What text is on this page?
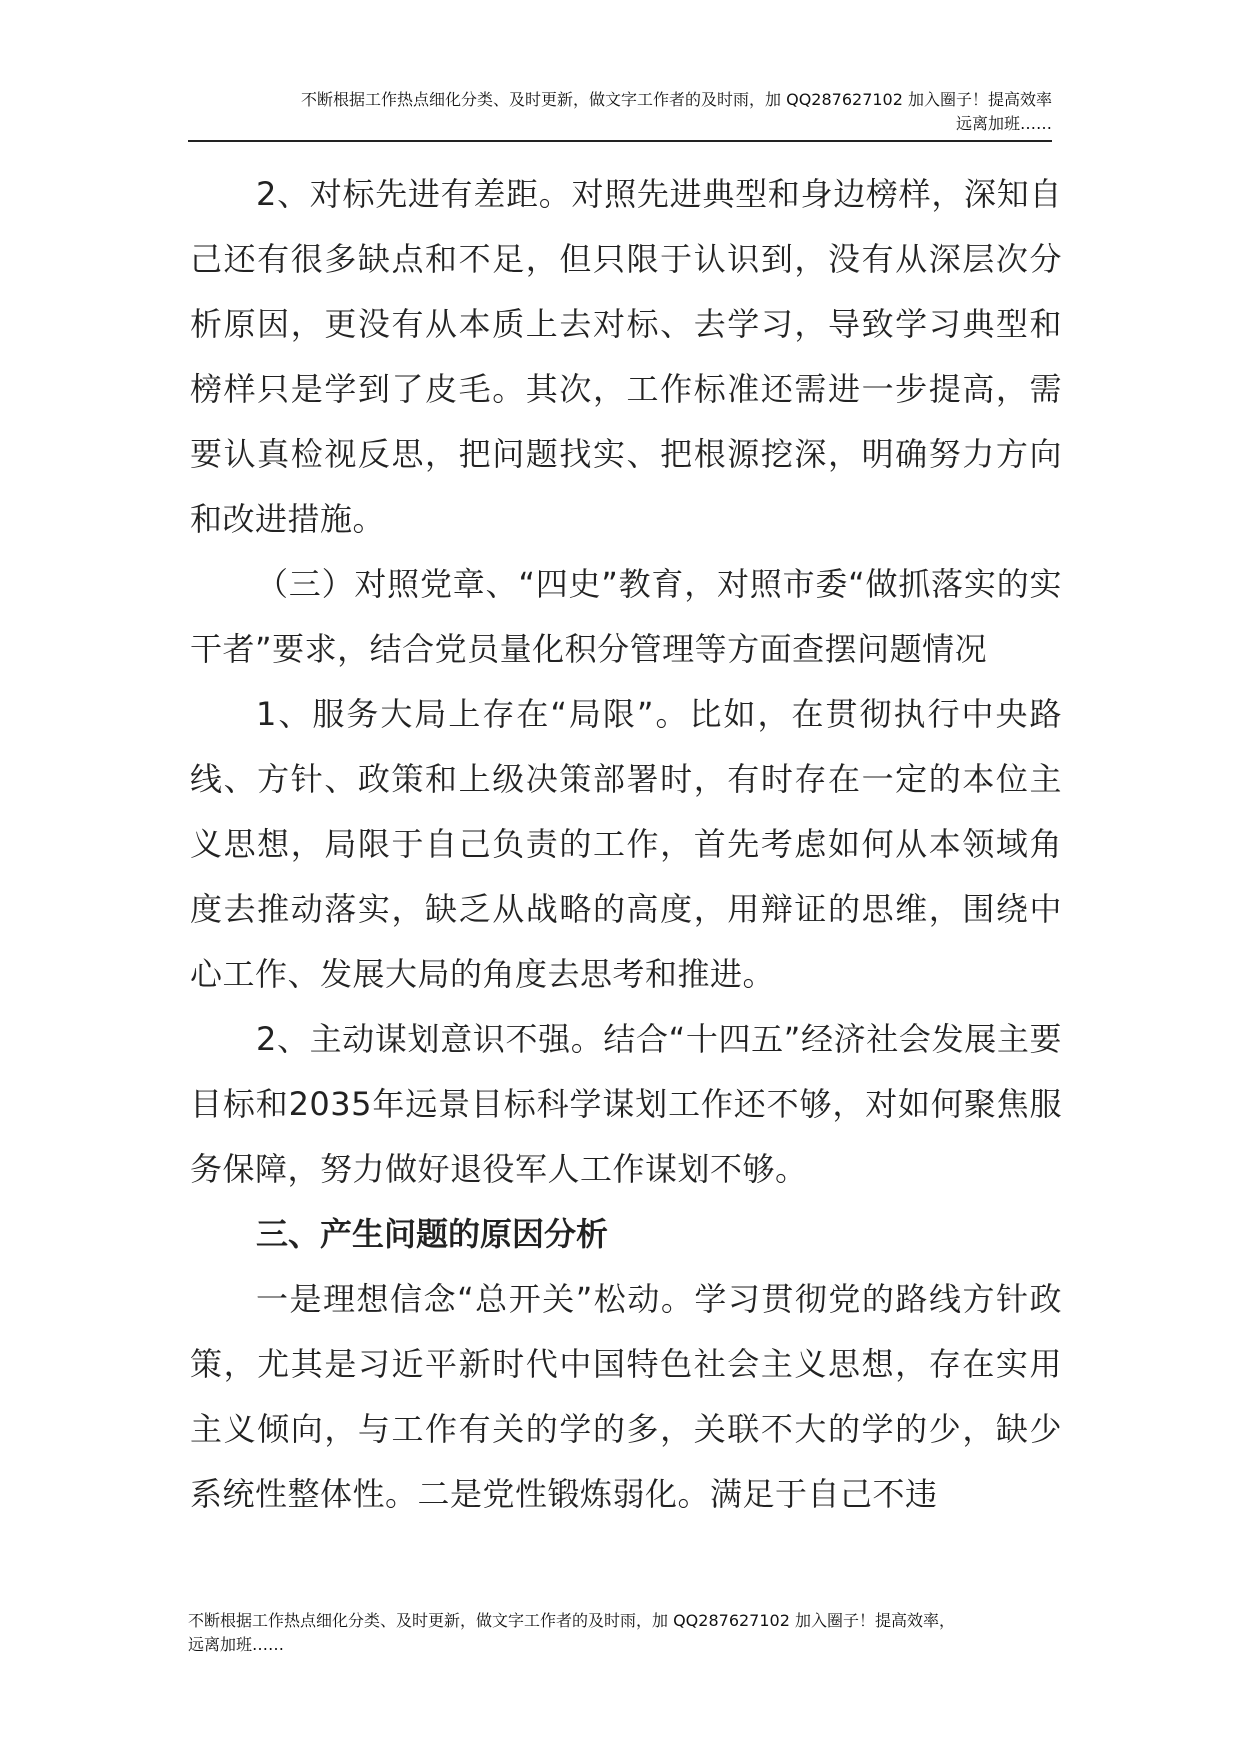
不断根据工作热点细化分类、及时更新，做文字工作者的及时雨，加 QQ287627102 加入圈子！提高效率
远离加班……

2、对标先进有差距。对照先进典型和身边榜样，深知自己还有很多缺点和不足，但只限于认识到，没有从深层次分析原因，更没有从本质上去对标、去学习，导致学习典型和榜样只是学到了皮毛。其次，工作标准还需进一步提高，需要认真检视反思，把问题找实、把根源挖深，明确努力方向和改进措施。

（三）对照党章、“四史”教育，对照市委“做抓落实的实干者”要求，结合党员量化积分管理等方面查摆问题情况

1、服务大局上存在“局限”。比如，在贯彻执行中央路线、方针、政策和上级决策部署时，有时存在一定的本位主义思想，局限于自己负责的工作，首先考虑如何从本领域角度去推动落实，缺乏从战略的高度，用辩证的思维，围绕中心工作、发展大局的角度去思考和推进。

2、主动谋划意识不强。结合“十四五”经济社会发展主要目标和2035年远景目标科学谋划工作还不够，对如何聚焦服务保障，努力做好退役军人工作谋划不够。

三、产生问题的原因分析

一是理想信念“总开关”松动。学习贯彻党的路线方针政策，尤其是习近平新时代中国特色社会主义思想，存在实用主义倾向，与工作有关的学的多，关联不大的学的少，缺少系统性整体性。二是党性锻炼弱化。满足于自己不违

不断根据工作热点细化分类、及时更新，做文字工作者的及时雨，加 QQ287627102 加入圈子！提高效率，
远离加班……
